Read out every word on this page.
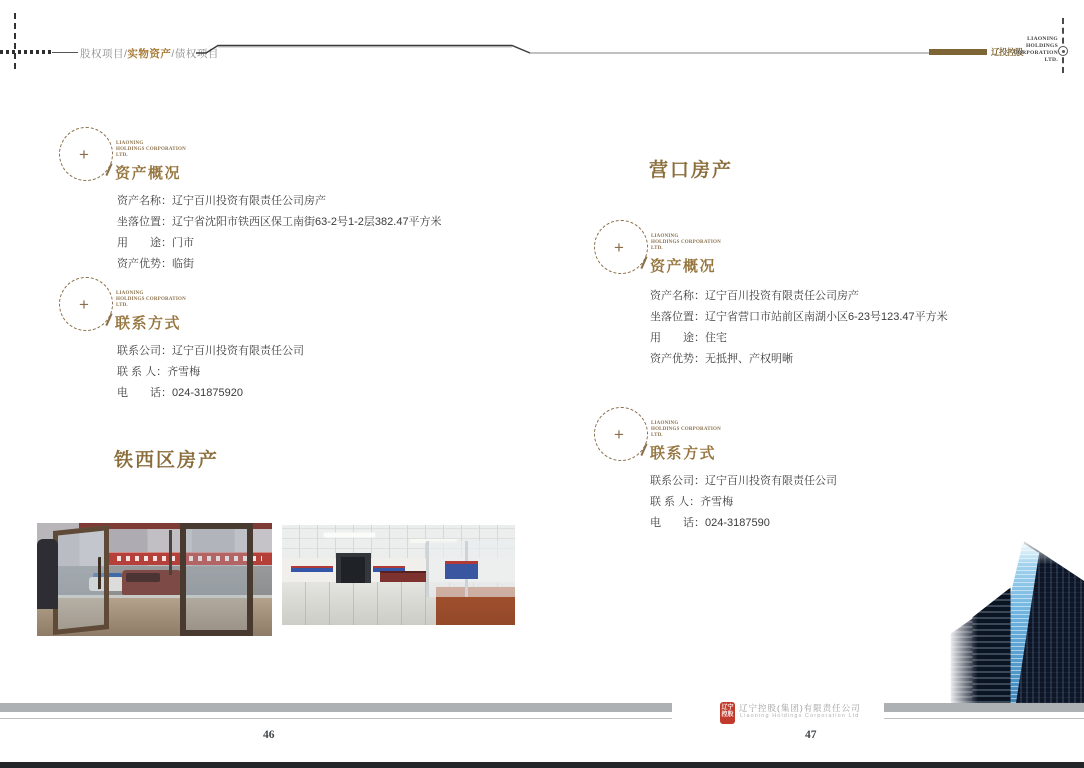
股权项目/实物资产/债权项目	辽投控股
LIAONING
HOLDINGS
CORPORATION
LTD.
+
LIAONING
HOLDINGS CORPORATION
LTD.
资产概况
资产名称：辽宁百川投资有限责任公司房产
坐落位置：辽宁省沈阳市铁西区保工南街63-2号1-2层382.47平方米
用　　途：门市
资产优势：临街
+
LIAONING
HOLDINGS CORPORATION
LTD.
联系方式
联系公司：辽宁百川投资有限责任公司
联 系 人：齐雪梅
电　　话：024-31875920
铁西区房产
营口房产
+
LIAONING
HOLDINGS CORPORATION
LTD.
资产概况
资产名称：辽宁百川投资有限责任公司房产
坐落位置：辽宁省营口市站前区南湖小区6-23号123.47平方米
用　　途：住宅
资产优势：无抵押、产权明晰
+
LIAONING
HOLDINGS CORPORATION
LTD.
联系方式
联系公司：辽宁百川投资有限责任公司
联 系 人：齐雪梅
电　　话：024-3187590
辽宁
控股
辽宁控股(集团)有限责任公司
Liaoning Holdings Corporation Ltd
46	47
